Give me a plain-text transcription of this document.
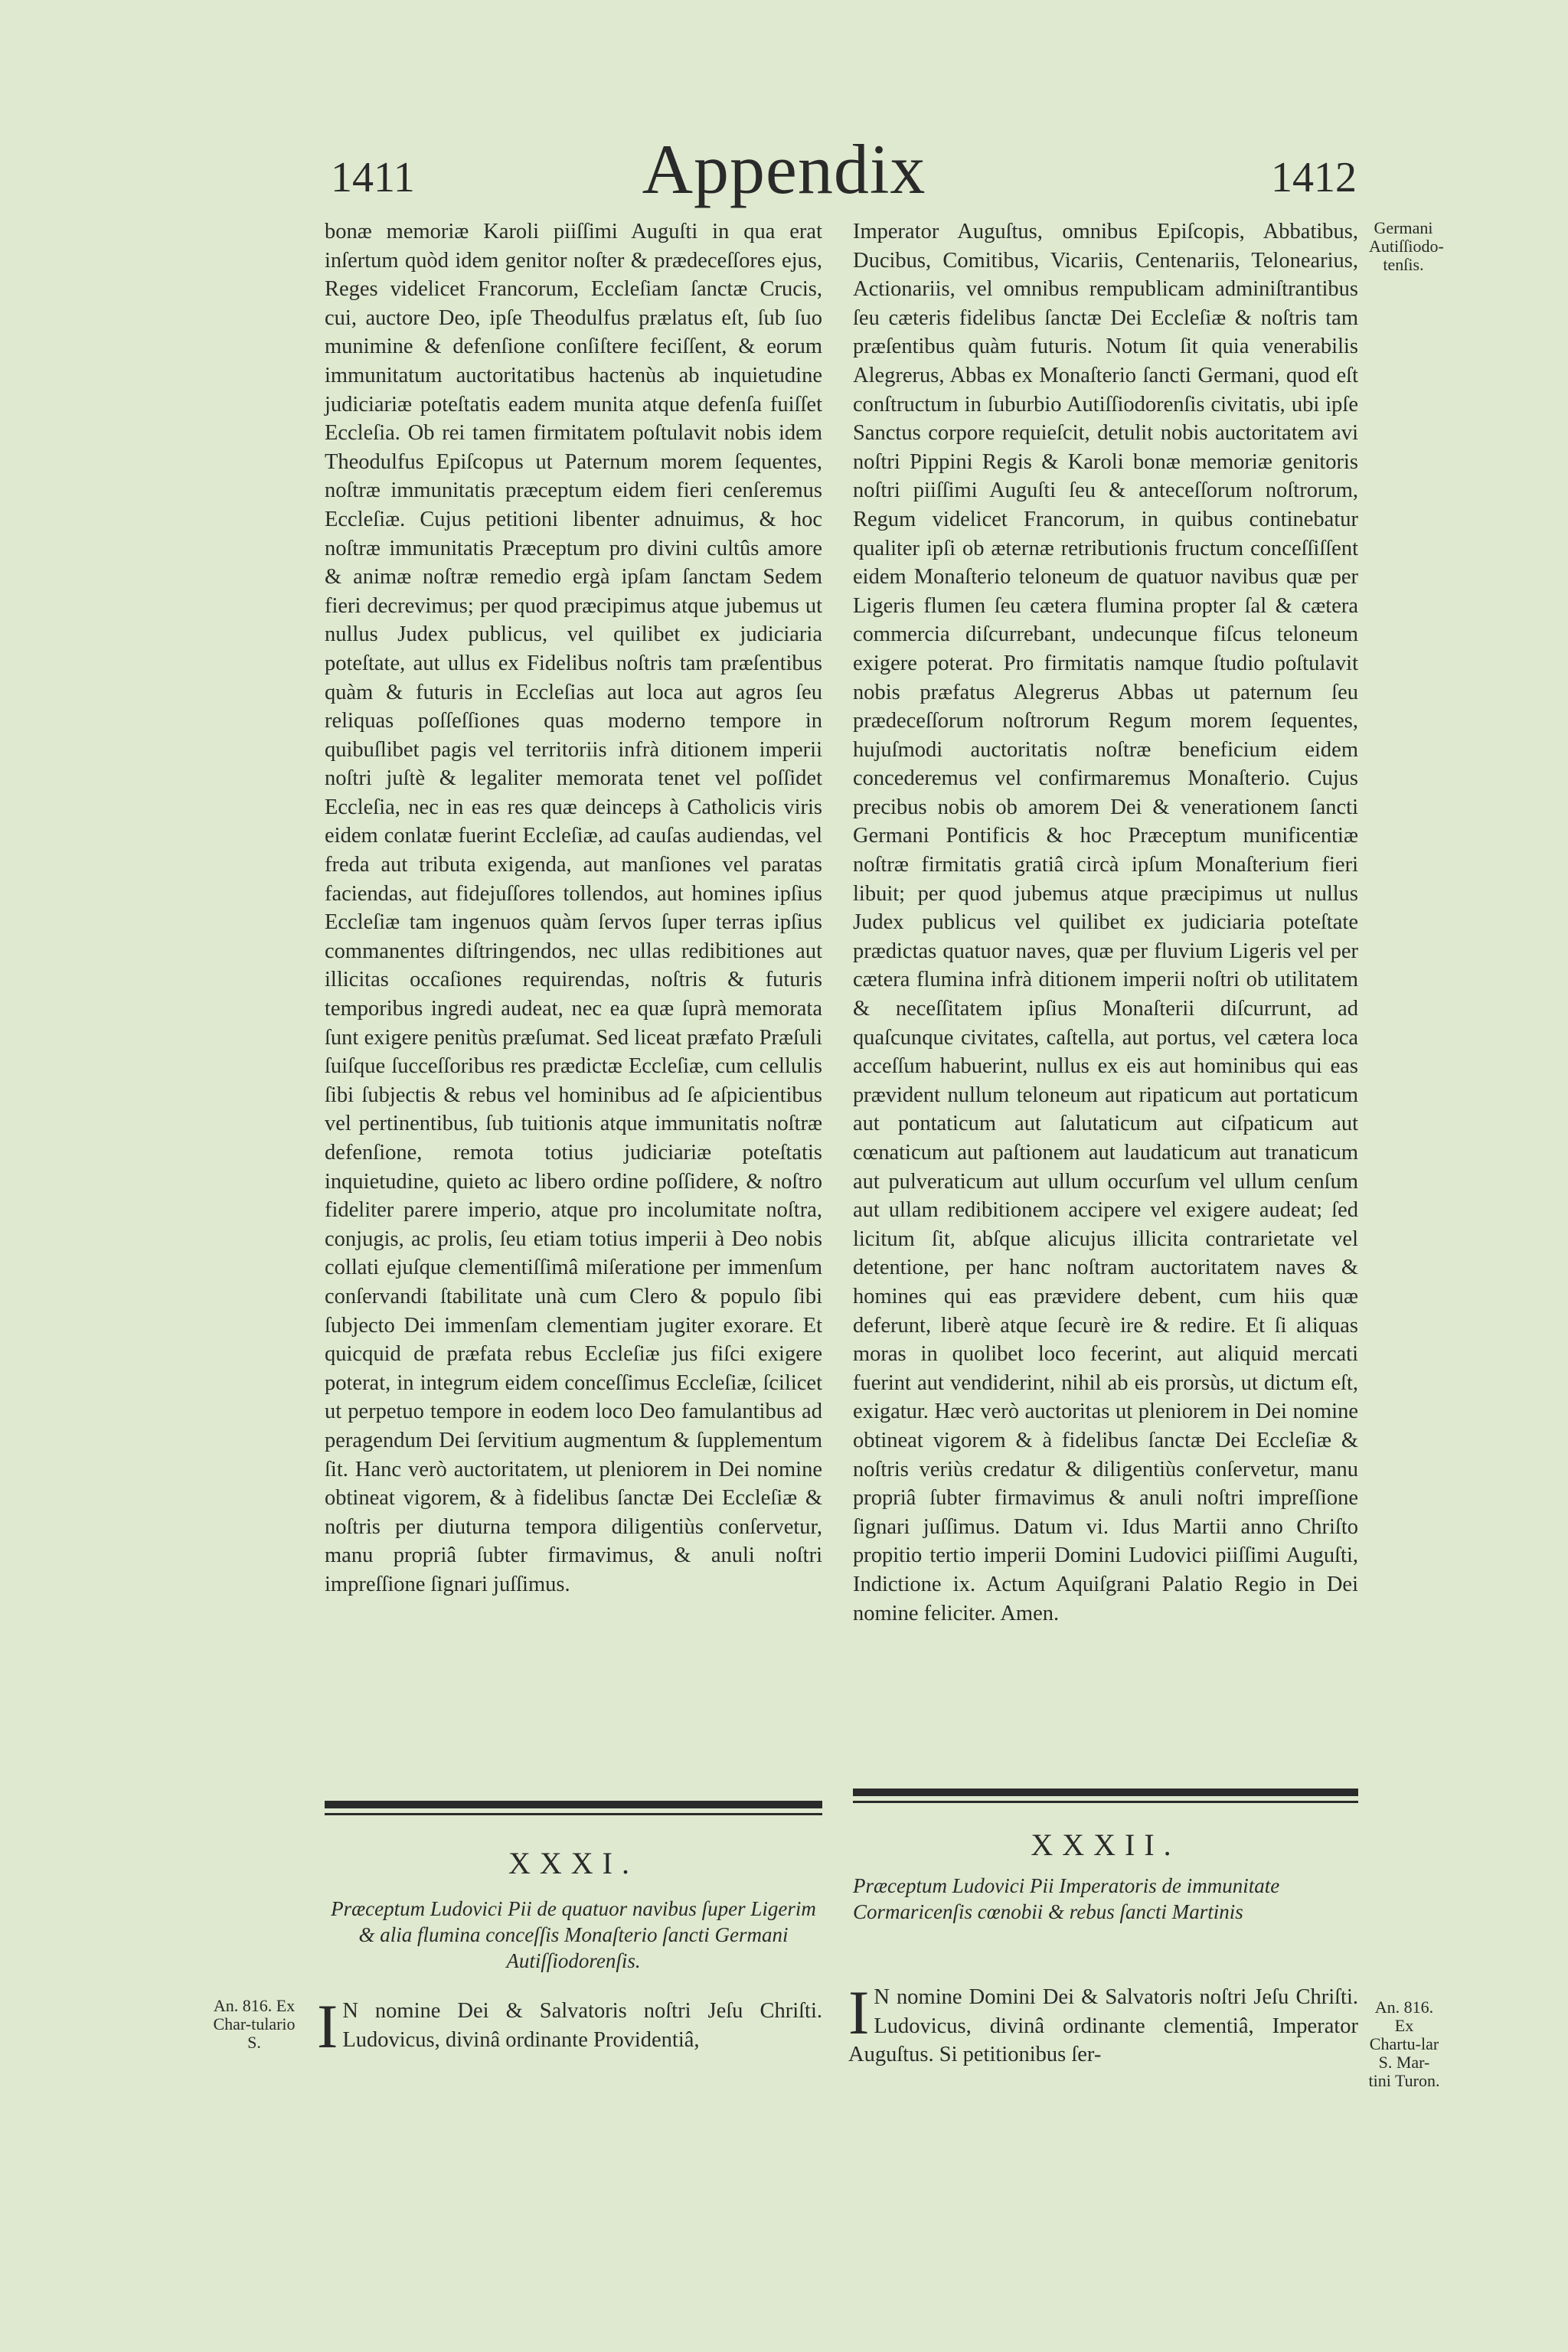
1411	Appendix	1412
bonæ memoriæ Karoli piiſſimi Auguſti in qua erat inſertum quòd idem genitor noſter & prædeceſſores ejus, Reges videlicet Francorum, Eccleſiam ſanctæ Crucis, cui, auctore Deo, ipſe Theodulfus prælatus eſt, ſub ſuo munimine & defenſione conſiſtere feciſſent, & eorum immunitatum auctoritatibus hactenùs ab inquietudine judiciariæ poteſtatis eadem munita atque defenſa fuiſſet Eccleſia. Ob rei tamen firmitatem poſtulavit nobis idem Theodulfus Epiſcopus ut Paternum morem ſequentes, noſtræ immunitatis præceptum eidem fieri cenſeremus Eccleſiæ. Cujus petitioni libenter adnuimus, & hoc noſtræ immunitatis Præceptum pro divini cultûs amore & animæ noſtræ remedio ergà ipſam ſanctam Sedem fieri decrevimus; per quod præcipimus atque jubemus ut nullus Judex publicus, vel quilibet ex judiciaria poteſtate, aut ullus ex Fidelibus noſtris tam præſentibus quàm & futuris in Eccleſias aut loca aut agros ſeu reliquas poſſeſſiones quas moderno tempore in quibuſlibet pagis vel territoriis infrà ditionem imperii noſtri juſtè & legaliter memorata tenet vel poſſidet Eccleſia, nec in eas res quæ deinceps à Catholicis viris eidem conlatæ fuerint Eccleſiæ, ad cauſas audiendas, vel freda aut tributa exigenda, aut manſiones vel paratas faciendas, aut fidejuſſores tollendos, aut homines ipſius Eccleſiæ tam ingenuos quàm ſervos ſuper terras ipſius commanentes diſtringendos, nec ullas redibitiones aut illicitas occaſiones requirendas, noſtris & futuris temporibus ingredi audeat, nec ea quæ ſuprà memorata ſunt exigere penitùs præſumat. Sed liceat præfato Præſuli ſuiſque ſucceſſoribus res prædictæ Eccleſiæ, cum cellulis ſibi ſubjectis & rebus vel hominibus ad ſe aſpicientibus vel pertinentibus, ſub tuitionis atque immunitatis noſtræ defenſione, remota totius judiciariæ poteſtatis inquietudine, quieto ac libero ordine poſſidere, & noſtro fideliter parere imperio, atque pro incolumitate noſtra, conjugis, ac prolis, ſeu etiam totius imperii à Deo nobis collati ejuſque clementiſſimâ miſeratione per immenſum conſervandi ſtabilitate unà cum Clero & populo ſibi ſubjecto Dei immenſam clementiam jugiter exorare. Et quicquid de præfata rebus Eccleſiæ jus fiſci exigere poterat, in integrum eidem conceſſimus Eccleſiæ, ſcilicet ut perpetuo tempore in eodem loco Deo famulantibus ad peragendum Dei ſervitium augmentum & ſupplementum ſit. Hanc verò auctoritatem, ut pleniorem in Dei nomine obtineat vigorem, & à fidelibus ſanctæ Dei Eccleſiæ & noſtris per diuturna tempora diligentiùs conſervetur, manu propriâ ſubter firmavimus, & anuli noſtri impreſſione ſignari juſſimus.
Imperator Auguſtus, omnibus Epiſcopis, Abbatibus, Ducibus, Comitibus, Vicariis, Centenariis, Telonearius, Actionariis, vel omnibus rempublicam adminiſtrantibus ſeu cæteris fidelibus ſanctæ Dei Eccleſiæ & noſtris tam præſentibus quàm futuris. Notum ſit quia venerabilis Alegrerus, Abbas ex Monaſterio ſancti Germani, quod eſt conſtructum in ſuburbio Autiſſiodorenſis civitatis, ubi ipſe Sanctus corpore requieſcit, detulit nobis auctoritatem avi noſtri Pippini Regis & Karoli bonæ memoriæ genitoris noſtri piiſſimi Auguſti ſeu & anteceſſorum noſtrorum, Regum videlicet Francorum, in quibus continebatur qualiter ipſi ob æternæ retributionis fructum conceſſiſſent eidem Monaſterio teloneum de quatuor navibus quæ per Ligeris flumen ſeu cætera flumina propter ſal & cætera commercia diſcurrebant, undecunque fiſcus teloneum exigere poterat. Pro firmitatis namque ſtudio poſtulavit nobis præfatus Alegrerus Abbas ut paternum ſeu prædeceſſorum noſtrorum Regum morem ſequentes, hujuſmodi auctoritatis noſtræ beneficium eidem concederemus vel confirmaremus Monaſterio. Cujus precibus nobis ob amorem Dei & venerationem ſancti Germani Pontificis & hoc Præceptum munificentiæ noſtræ firmitatis gratiâ circà ipſum Monaſterium fieri libuit; per quod jubemus atque præcipimus ut nullus Judex publicus vel quilibet ex judiciaria poteſtate prædictas quatuor naves, quæ per fluvium Ligeris vel per cætera flumina infrà ditionem imperii noſtri ob utilitatem & neceſſitatem ipſius Monaſterii diſcurrunt, ad quaſcunque civitates, caſtella, aut portus, vel cætera loca acceſſum habuerint, nullus ex eis aut hominibus qui eas prævident nullum teloneum aut ripaticum aut portaticum aut pontaticum aut ſalutaticum aut ciſpaticum aut cœnaticum aut paſtionem aut laudaticum aut tranaticum aut pulveraticum aut ullum occurſum vel ullum cenſum aut ullam redibitionem accipere vel exigere audeat; ſed licitum ſit, abſque alicujus illicita contrarietate vel detentione, per hanc noſtram auctoritatem naves & homines qui eas prævidere debent, cum hiis quæ deferunt, liberè atque ſecurè ire & redire. Et ſi aliquas moras in quolibet loco fecerint, aut aliquid mercati fuerint aut vendiderint, nihil ab eis prorsùs, ut dictum eſt, exigatur. Hæc verò auctoritas ut pleniorem in Dei nomine obtineat vigorem & à fidelibus ſanctæ Dei Eccleſiæ & noſtris veriùs credatur & diligentiùs conſervetur, manu propriâ ſubter firmavimus & anuli noſtri impreſſione ſignari juſſimus. Datum vi. Idus Martii anno Chriſto propitio tertio imperii Domini Ludovici piiſſimi Auguſti, Indictione ix. Actum Aquiſgrani Palatio Regio in Dei nomine feliciter. Amen.
Germani Autiſſiodo-tenſis.
XXXI.
Præceptum Ludovici Pii de quatuor navibus ſuper Ligerim & alia flumina conceſſis Monaſterio ſancti Germani Autiſſiodorenſis.
XXXII.
Præceptum Ludovici Pii Imperatoris de immunitate Cormaricenſis cœnobii & rebus ſancti Martinis
An. 816. Ex Char-tulario S.
An. 816. Ex Chartu-lar S. Mar-tini Turon.
I N nomine Dei & Salvatoris noſtri Jeſu Chriſti. Ludovicus, divinâ ordinante Providentiâ,	I N nomine Domini Dei & Salvatoris noſtri Jeſu Chriſti. Ludovicus, divinâ ordinante clementiâ, Imperator Auguſtus. Si petitionibus ſer-
